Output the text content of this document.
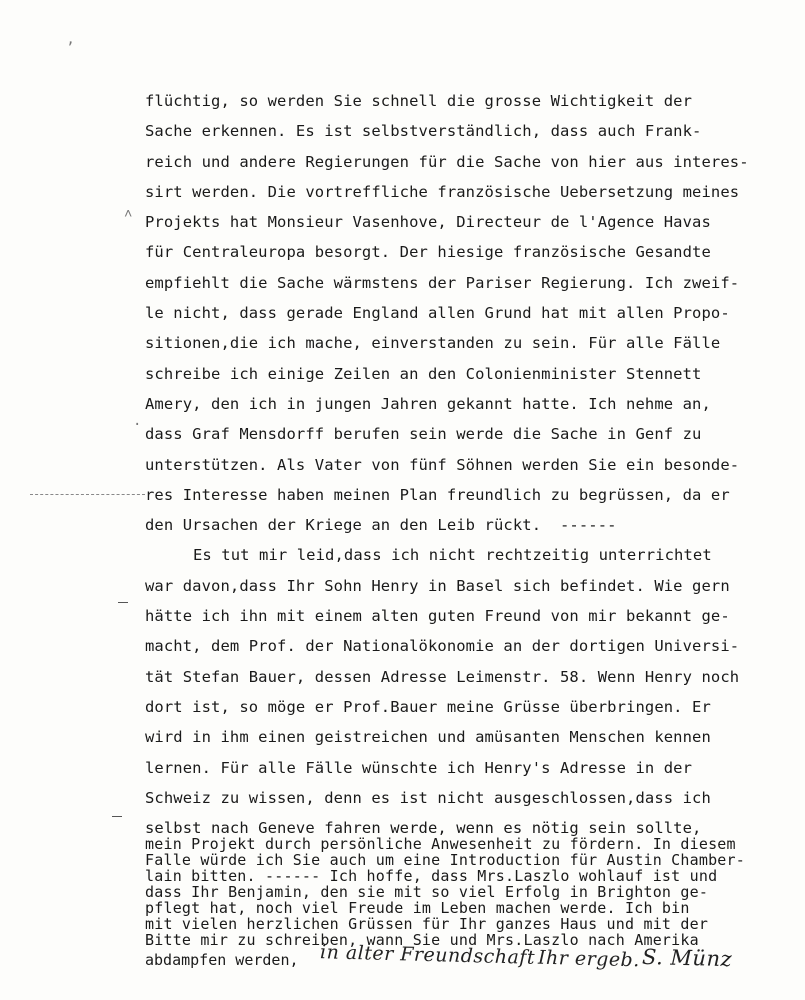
ʼ
˄
·
flüchtig, so werden Sie schnell die grosse Wichtigkeit der
Sache erkennen. Es ist selbstverständlich, dass auch Frank-
reich und andere Regierungen für die Sache von hier aus interes-
sirt werden. Die vortreffliche französische Uebersetzung meines
Projekts hat Monsieur Vasenhove, Directeur de l'Agence Havas
für Centraleuropa besorgt. Der hiesige französische Gesandte
empfiehlt die Sache wärmstens der Pariser Regierung. Ich zweif-
le nicht, dass gerade England allen Grund hat mit allen Propo-
sitionen,die ich mache, einverstanden zu sein. Für alle Fälle
schreibe ich einige Zeilen an den Colonienminister Stennett
Amery, den ich in jungen Jahren gekannt hatte. Ich nehme an,
dass Graf Mensdorff berufen sein werde die Sache in Genf zu
unterstützen. Als Vater von fünf Söhnen werden Sie ein besonde-
res Interesse haben meinen Plan freundlich zu begrüssen, da er
den Ursachen der Kriege an den Leib rückt.  ------
Es tut mir leid,dass ich nicht rechtzeitig unterrichtet
war davon,dass Ihr Sohn Henry in Basel sich befindet. Wie gern
hätte ich ihn mit einem alten guten Freund von mir bekannt ge-
macht, dem Prof. der Nationalökonomie an der dortigen Universi-
tät Stefan Bauer, dessen Adresse Leimenstr. 58. Wenn Henry noch
dort ist, so möge er Prof.Bauer meine Grüsse überbringen. Er
wird in ihm einen geistreichen und amüsanten Menschen kennen
lernen. Für alle Fälle wünschte ich Henry's Adresse in der
Schweiz zu wissen, denn es ist nicht ausgeschlossen,dass ich
selbst nach Geneve fahren werde, wenn es nötig sein sollte,
mein Projekt durch persönliche Anwesenheit zu fördern. In diesem
Falle würde ich Sie auch um eine Introduction für Austin Chamber-
lain bitten. ------ Ich hoffe, dass Mrs.Laszlo wohlauf ist und
dass Ihr Benjamin, den sie mit so viel Erfolg in Brighton ge-
pflegt hat, noch viel Freude im Leben machen werde. Ich bin
mit vielen herzlichen Grüssen für Ihr ganzes Haus und mit der
Bitte mir zu schreiben, wann Sie und Mrs.Laszlo nach Amerika
abdampfen werden, in alter Freundschaft Ihr ergeb. S. Münz
